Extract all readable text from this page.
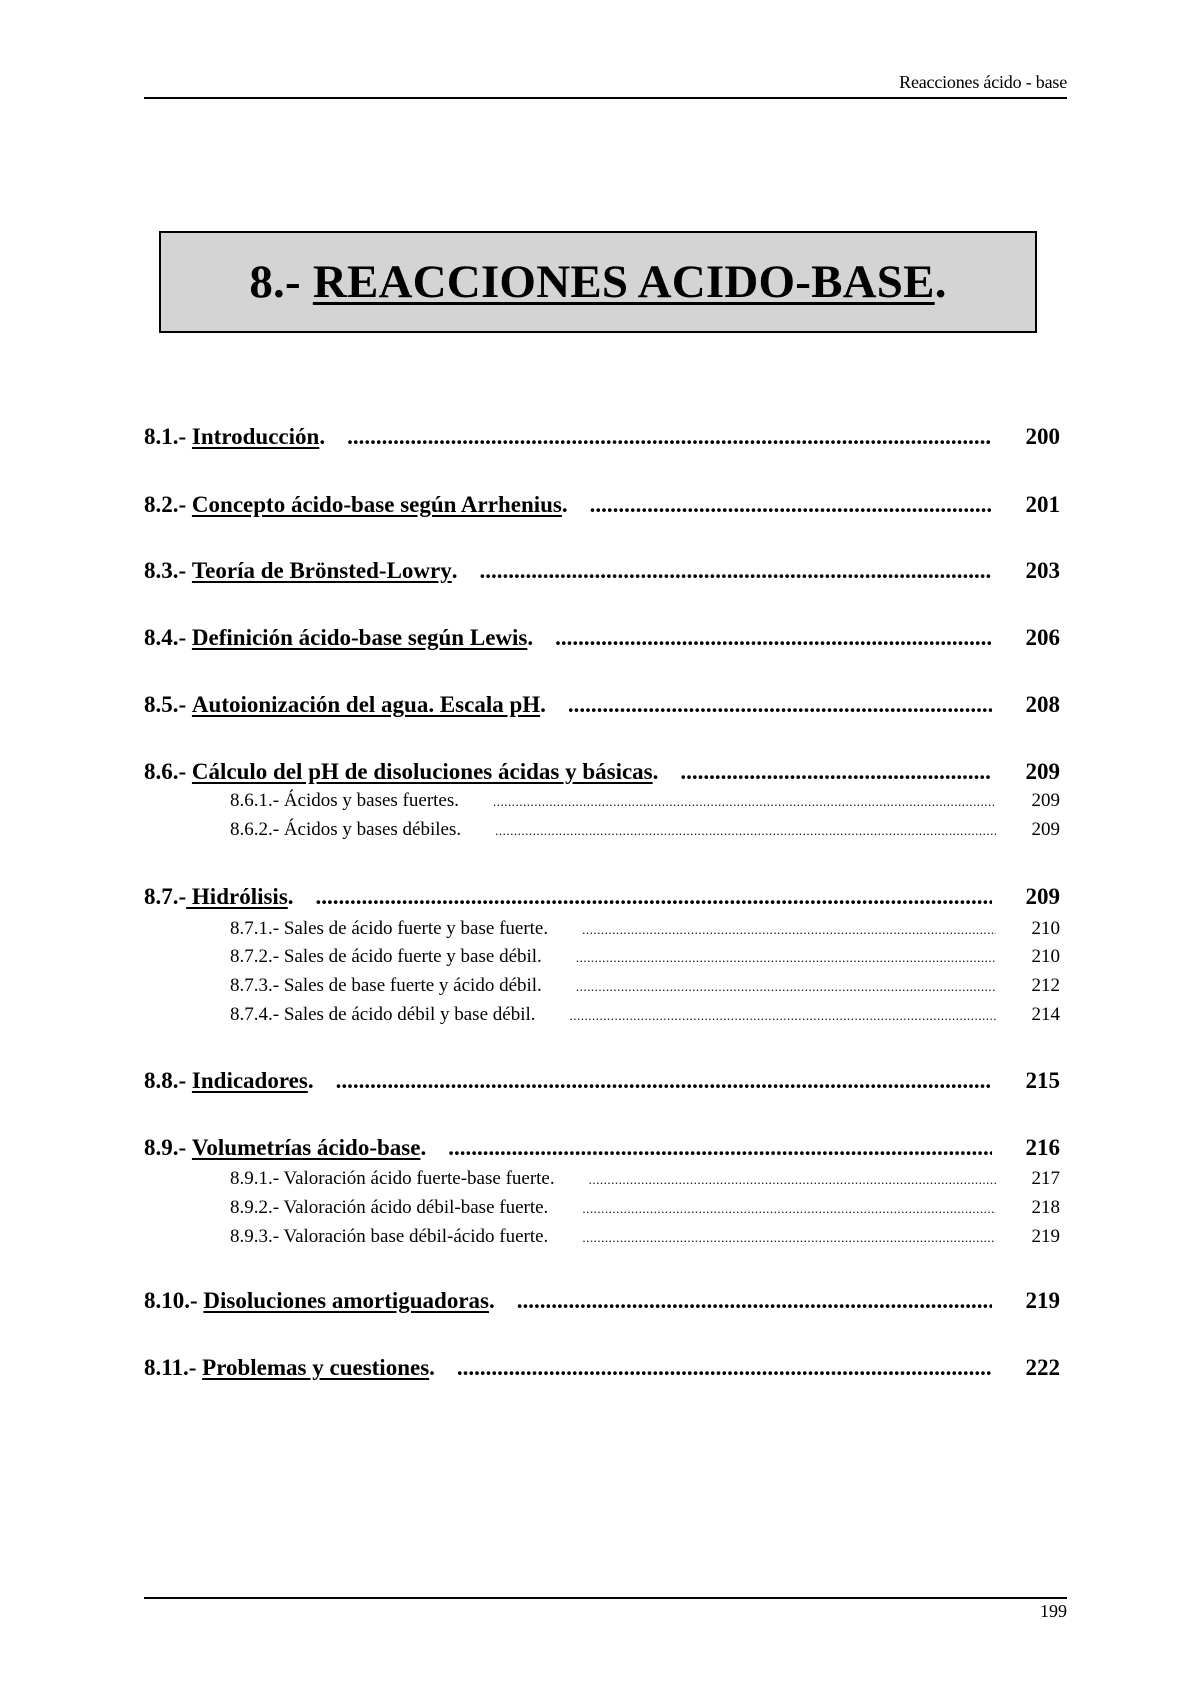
Reacciones ácido - base
8.- REACCIONES ACIDO-BASE.
8.1.- Introducción . .....	200
8.2.- Concepto ácido-base según Arrhenius . .....	201
8.3.- Teoría de Brönsted-Lowry . .....	203
8.4.- Definición ácido-base según Lewis . .....	206
8.5.- Autoionización del agua. Escala pH . .....	208
8.6.- Cálculo del pH de disoluciones ácidas y básicas . .....	209
8.6.1.- Ácidos y bases fuertes. .....	209
8.6.2.- Ácidos y bases débiles. .....	209
8.7.- Hidrólisis . .....	209
8.7.1.- Sales de ácido fuerte y base fuerte. .....	210
8.7.2.- Sales de ácido fuerte y base débil. .....	210
8.7.3.- Sales de base fuerte y ácido débil. .....	212
8.7.4.- Sales de ácido débil y base débil. .....	214
8.8.- Indicadores . .....	215
8.9.- Volumetrías ácido-base . .....	216
8.9.1.- Valoración ácido fuerte-base fuerte. .....	217
8.9.2.- Valoración ácido débil-base fuerte. .....	218
8.9.3.- Valoración base débil-ácido fuerte. .....	219
8.10.- Disoluciones amortiguadoras . .....	219
8.11.- Problemas y cuestiones . .....	222
199
